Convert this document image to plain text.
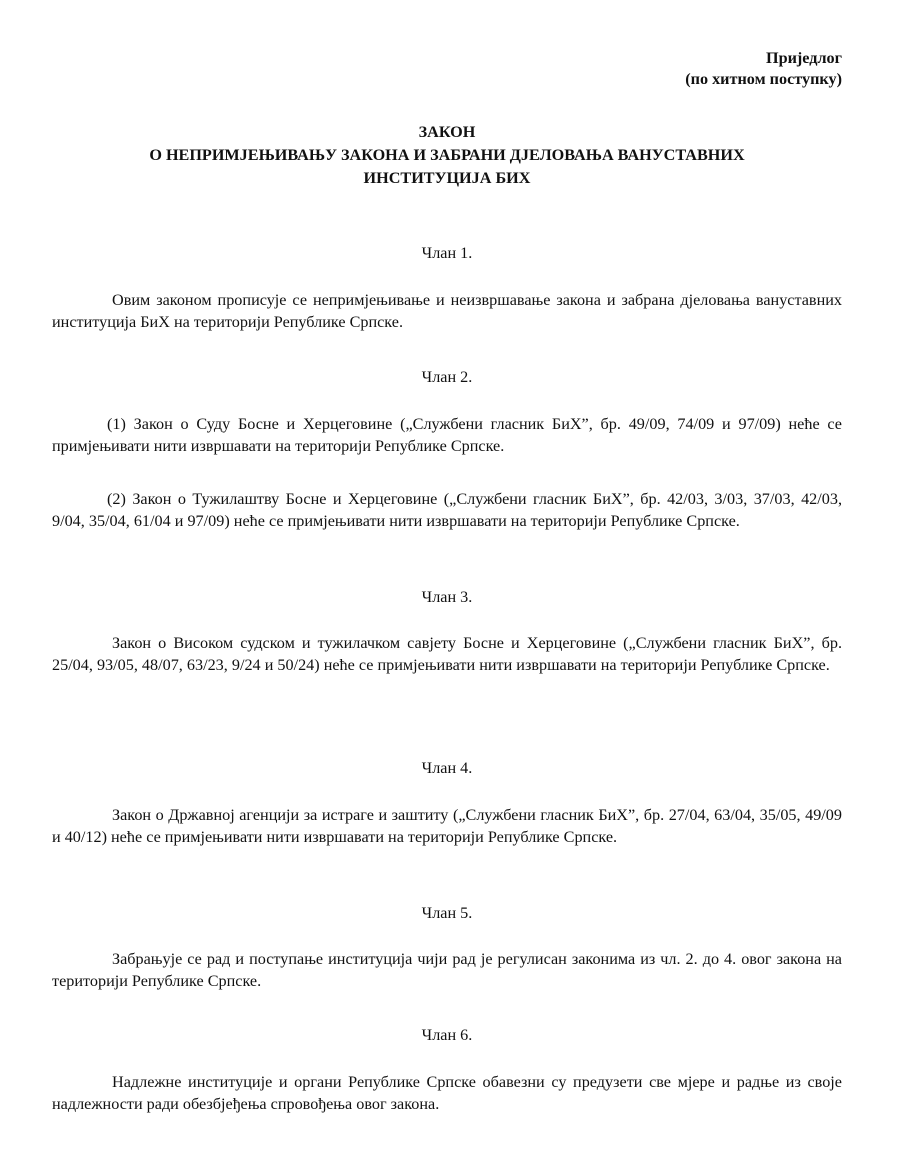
Приједлог
(по хитном поступку)
ЗАКОН
О НЕПРИМЈЕЊИВАЊУ ЗАКОНА И ЗАБРАНИ ДЈЕЛОВАЊА ВАНУСТАВНИХ
ИНСТИТУЦИЈА БИХ
Члан 1.
Овим законом прописује се непримјењивање и неизвршавање закона и забрана дјеловања вануставних институција БиХ на територији Републике Српске.
Члан 2.
(1) Закон о Суду Босне и Херцеговине („Службени гласник БиХ”, бр. 49/09, 74/09 и 97/09) неће се примјењивати нити извршавати на територији Републике Српске.
(2) Закон о Тужилаштву Босне и Херцеговине („Службени гласник БиХ”, бр. 42/03, 3/03, 37/03, 42/03, 9/04, 35/04, 61/04 и 97/09) неће се примјењивати нити извршавати на територији Републике Српске.
Члан 3.
Закон о Високом судском и тужилачком савјету Босне и Херцеговине („Службени гласник БиХ”, бр. 25/04, 93/05, 48/07, 63/23, 9/24 и 50/24) неће се примјењивати нити извршавати на територији Републике Српске.
Члан 4.
Закон о Државној агенцији за истраге и заштиту („Службени гласник БиХ”, бр. 27/04, 63/04, 35/05, 49/09 и 40/12) неће се примјењивати нити извршавати на територији Републике Српске.
Члан 5.
Забрањује се рад и поступање институција чији рад је регулисан законима из чл. 2. до 4. овог закона на територији Републике Српске.
Члан 6.
Надлежне институције и органи Републике Српске обавезни су предузети све мјере и радње из своје надлежности ради обезбјеђења спровођења овог закона.
